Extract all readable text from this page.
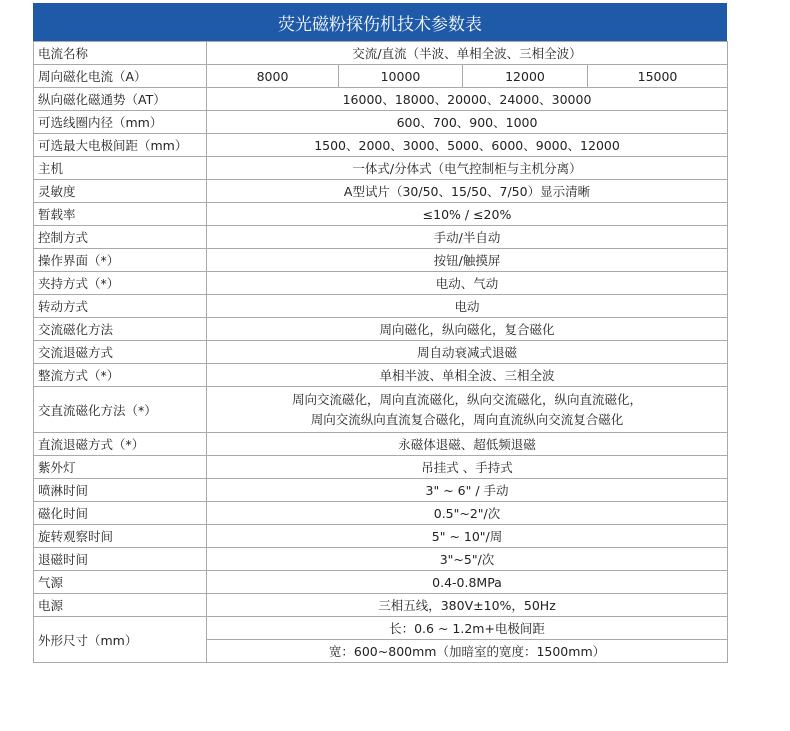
荧光磁粉探伤机技术参数表
电流名称	交流/直流（半波、单相全波、三相全波）			
周向磁化电流（A）	8000	10000	12000	15000
纵向磁化磁通势（AT）	16000、18000、20000、24000、30000			
可选线圈内径（mm）	600、700、900、1000			
可选最大电极间距（mm）	1500、2000、3000、5000、6000、9000、12000			
主机	一体式/分体式（电气控制柜与主机分离）			
灵敏度	A型试片（30/50、15/50、7/50）显示清晰			
暂载率	≤10% / ≤20%			
控制方式	手动/半自动			
操作界面（*）	按钮/触摸屏			
夹持方式（*）	电动、气动			
转动方式	电动			
交流磁化方法	周向磁化，纵向磁化，复合磁化			
交流退磁方式	周自动衰减式退磁			
整流方式（*）	单相半波、单相全波、三相全波			
交直流磁化方法（*）	周向交流磁化，周向直流磁化，纵向交流磁化，纵向直流磁化，
周向交流纵向直流复合磁化，周向直流纵向交流复合磁化			

直流退磁方式（*）	永磁体退磁、超低频退磁			
紫外灯	吊挂式 、手持式			
喷淋时间	3" ~ 6" / 手动			
磁化时间	0.5"~2"/次			
旋转观察时间	5" ~ 10"/周			
退磁时间	3"~5"/次			
气源	0.4-0.8MPa			
电源	三相五线，380V±10%，50Hz			
外形尺寸（mm）	长：0.6 ~ 1.2m+电极间距			
	宽：600~800mm（加暗室的宽度：1500mm）			
